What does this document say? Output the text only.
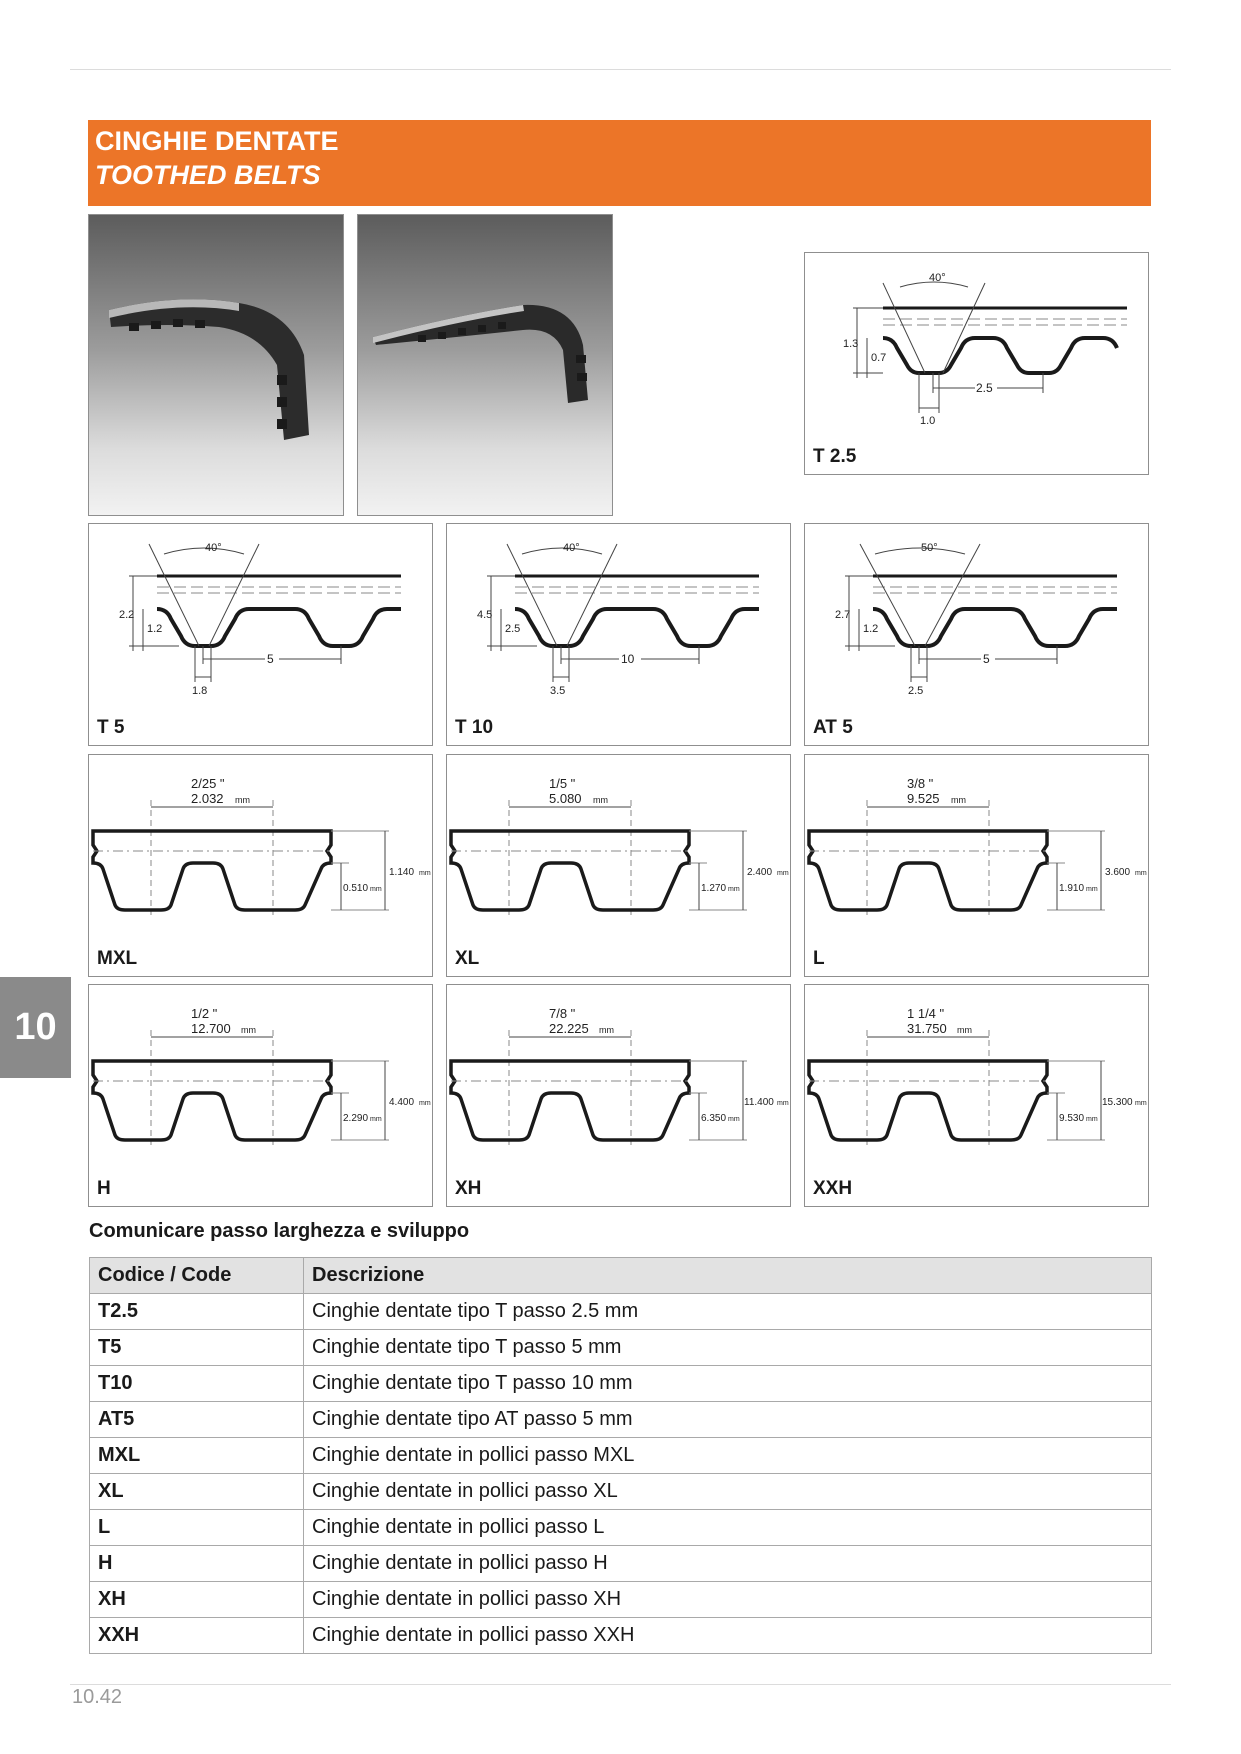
CINGHIE DENTATE
TOOTHED BELTS
40°
1.3
0.7
2.5
1.0
T 2.5
40°
2.2
1.2
5
1.8
T 5
40°
4.5
2.5
10
3.5
T 10
50°
2.7
1.2
5
2.5
AT 5
2/25 "
2.032 mm
1.140 mm
0.510 mm
MXL
1/5 "
5.080 mm
2.400 mm
1.270 mm
XL
3/8 "
9.525 mm
3.600 mm
1.910 mm
L
1/2 "
12.700 mm
4.400 mm
2.290 mm
H
7/8 "
22.225 mm
11.400 mm
6.350 mm
XH
1 1/4 "
31.750 mm
15.300 mm
9.530 mm
XXH
10
Comunicare passo larghezza e sviluppo
Codice / Code	Descrizione
T2.5	Cinghie dentate tipo T passo 2.5 mm
T5	Cinghie dentate tipo T passo 5 mm
T10	Cinghie dentate tipo T passo 10 mm
AT5	Cinghie dentate tipo AT passo 5 mm
MXL	Cinghie dentate in pollici passo MXL
XL	Cinghie dentate in pollici passo XL
L	Cinghie dentate in pollici passo L
H	Cinghie dentate in pollici passo H
XH	Cinghie dentate in pollici passo XH
XXH	Cinghie dentate in pollici passo XXH
10.42
